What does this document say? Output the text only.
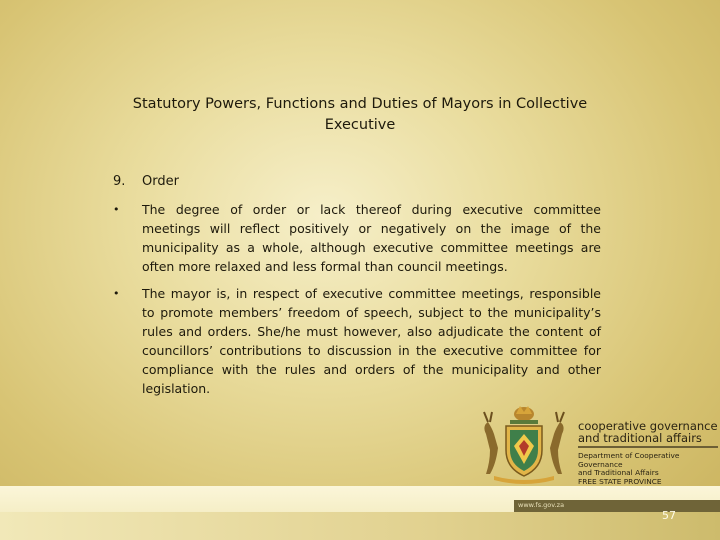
Statutory Powers, Functions and Duties of Mayors in Collective Executive
9. Order
•	The degree of order or lack thereof during executive committee meetings will reflect positively or negatively on the image of the municipality as a whole, although executive committee meetings are often more relaxed and less formal than council meetings.
•	The mayor is, in respect of executive committee meetings, responsible to promote members’ freedom of speech, subject to the municipality’s rules and orders. She/he must however, also adjudicate the content of councillors’ contributions to discussion in the executive committee for compliance with the rules and orders of the municipality and other legislation.
cooperative governance
and traditional affairs
Department of Cooperative Governance
and Traditional Affairs
FREE STATE PROVINCE
www.fs.gov.za
57
